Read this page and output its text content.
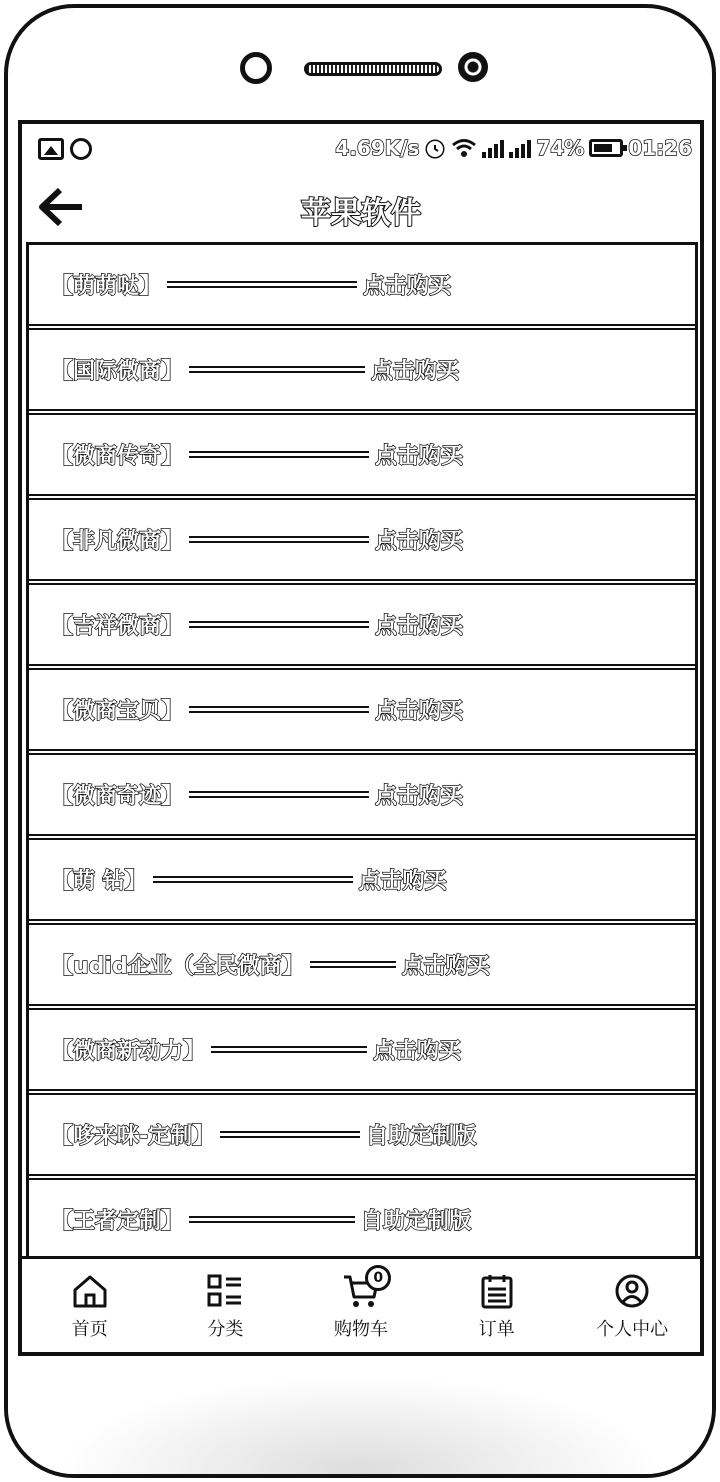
4.69K/s	74% 01:26
苹果软件
【萌萌哒】	点击购买
【国际微商】	点击购买
【微商传奇】	点击购买
【非凡微商】	点击购买
【吉祥微商】	点击购买
【微商宝贝】	点击购买
【微商奇迹】	点击购买
【萌 钻】	点击购买
【udid企业（全民微商】	点击购买
【微商新动力】	点击购买
【哆来咪-定制】	自助定制版
【王者定制】	自助定制版
首页	分类
0
购物车	订单	个人中心
